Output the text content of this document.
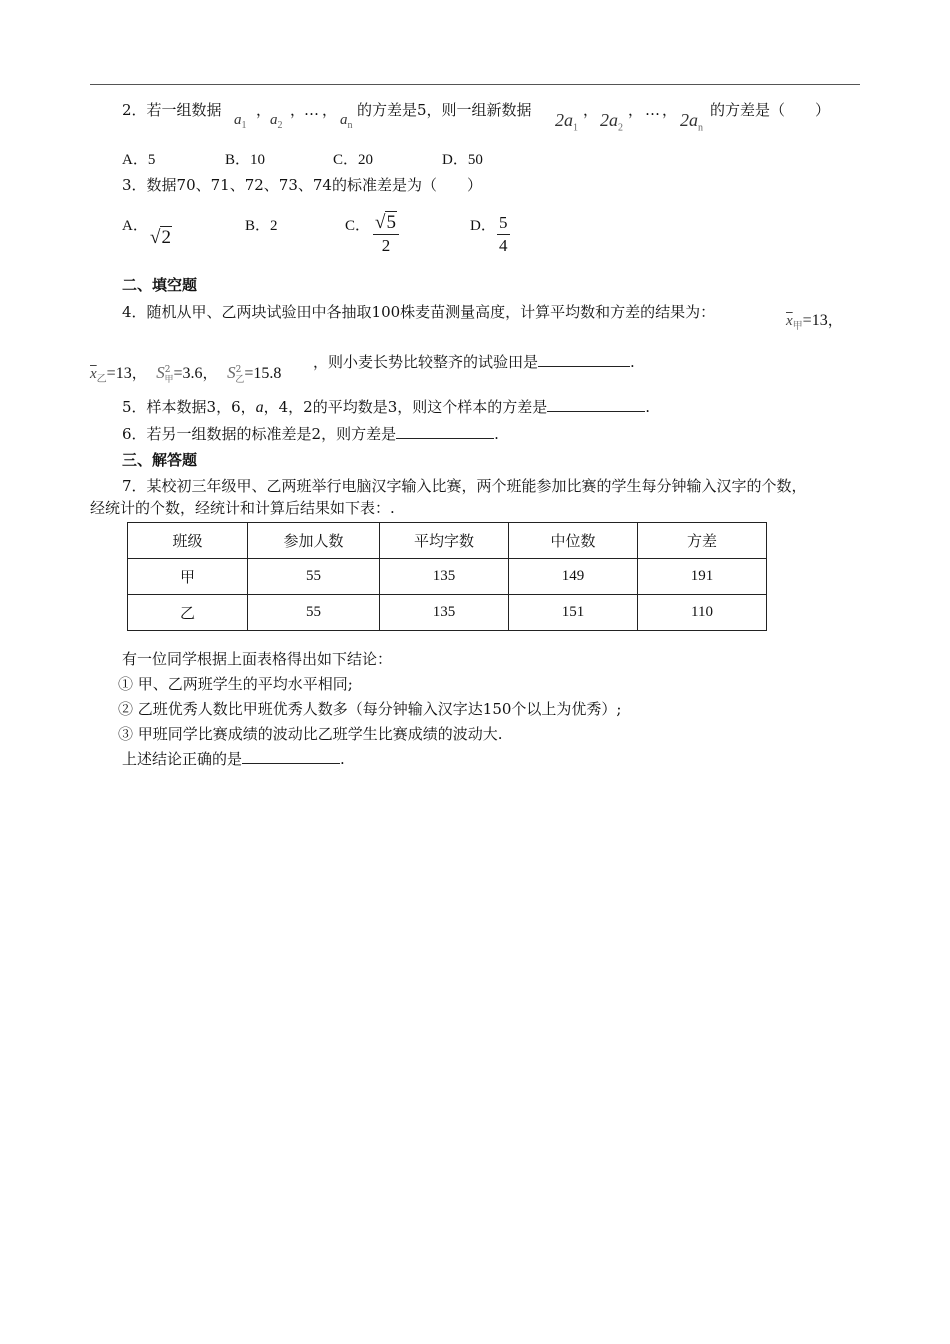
2．若一组数据
$a_1$
，
$a_2$
，
… ，
$a_n$
的方差是5，则一组新数据 $2a_1$
， $2a_2$
， … ， $2a_n$
的方差是（　　）
A．5	B．10	C．20	D．50
3．数据70、71、72、73、74的标准差是为（　　）
A．
√2
B．2	C． $\frac{√5}{2}$	D． $\frac{5}{4}$
二、填空题
4．随机从甲、乙两块试验田中各抽取100株麦苗测量高度，计算平均数和方差的结果为：	$\overline{x}_甲=13$，
$\overline{x}_乙=13$， $S^2_甲=3.6$， $S^2_乙=15.8$
，则小麦长势比较整齐的试验田是	.
5．样本数据3，6，a，4，2的平均数是3，则这个样本的方差是	.
6．若另一组数据的标准差是2，则方差是	.
三、解答题
7．某校初三年级甲、乙两班举行电脑汉字输入比赛，两个班能参加比赛的学生每分钟输入汉字的个数，
经统计的个数，经统计和计算后结果如下表：.
班级	参加人数	平均字数	中位数	方差
甲	55	135	149	191
乙	55	135	151	110
有一位同学根据上面表格得出如下结论：
① 甲、乙两班学生的平均水平相同;
② 乙班优秀人数比甲班优秀人数多（每分钟输入汉字达150个以上为优秀）;
③ 甲班同学比赛成绩的波动比乙班学生比赛成绩的波动大.
上述结论正确的是	.
